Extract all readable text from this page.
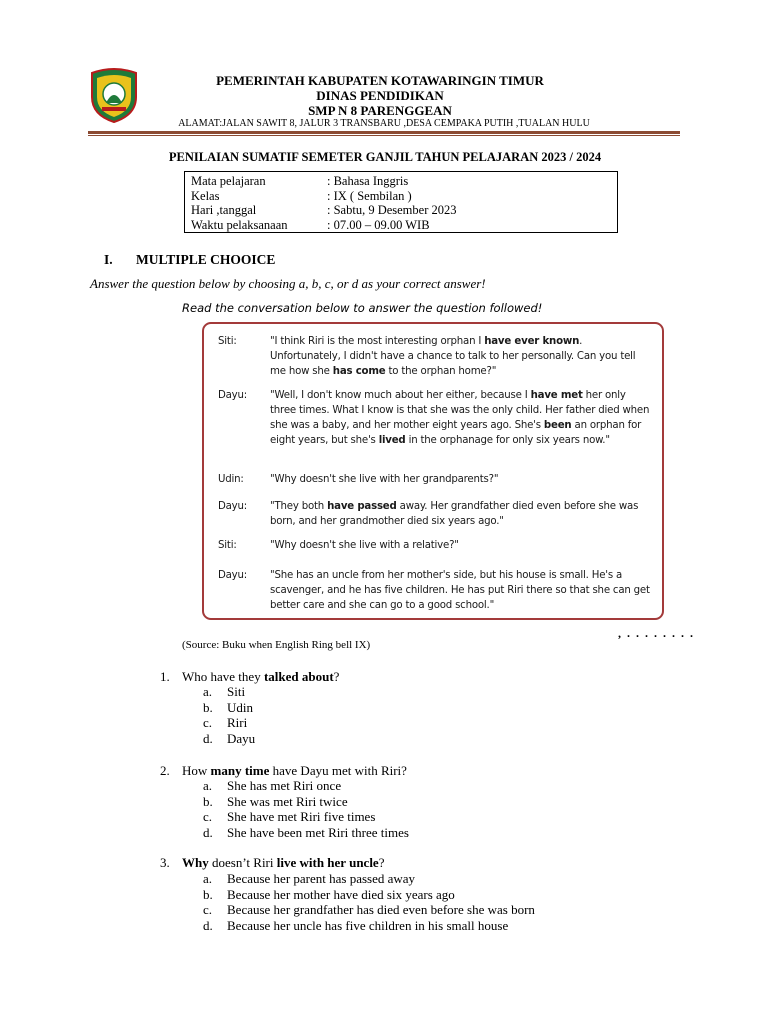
PEMERINTAH KABUPATEN KOTAWARINGIN TIMUR
DINAS PENDIDIKAN
SMP N 8 PARENGGEAN
ALAMAT:JALAN SAWIT 8, JALUR 3 TRANSBARU ,DESA CEMPAKA PUTIH ,TUALAN HULU
PENILAIAN SUMATIF SEMETER GANJIL TAHUN PELAJARAN 2023 / 2024
Mata pelajaran	: Bahasa Inggris
Kelas	: IX ( Sembilan )
Hari ,tanggal	: Sabtu, 9 Desember 2023
Waktu pelaksanaan	: 07.00 – 09.00 WIB
I. MULTIPLE CHOOICE
Answer the question below by choosing a, b, c, or d as your correct answer!
Read the conversation below to answer the question followed!
Siti:	"I think Riri is the most interesting orphan I have ever known. Unfortunately, I didn't have a chance to talk to her personally. Can you tell me how she has come to the orphan home?"
Dayu: "Well, I don't know much about her either, because I have met her only three times. What I know is that she was the only child. Her father died when she was a baby, and her mother eight years ago. She's been an orphan for eight years, but she's lived in the orphanage for only six years now."
Udin:	"Why doesn't she live with her grandparents?"
Dayu: "They both have passed away. Her grandfather died even before she was born, and her grandmother died six years ago."
Siti:	"Why doesn't she live with a relative?"
Dayu: "She has an uncle from her mother's side, but his house is small. He's a scavenger, and he has five children. He has put Riri there so that she can get better care and she can go to a good school."
, . . . . . . . .
(Source: Buku when English Ring bell IX)
1. Who have they talked about?
a.	Siti
b.	Udin
c.	Riri
d.	Dayu
2. How many time have Dayu met with Riri?
a.	She has met Riri once
b.	She was met Riri twice
c.	She have met Riri five times
d.	She have been met Riri three times
3. Why doesn’t Riri live with her uncle?
a.	Because her parent has passed away
b.	Because her mother have died six years ago
c.	Because her grandfather has died even before she was born
d.	Because her uncle has five children in his small house
